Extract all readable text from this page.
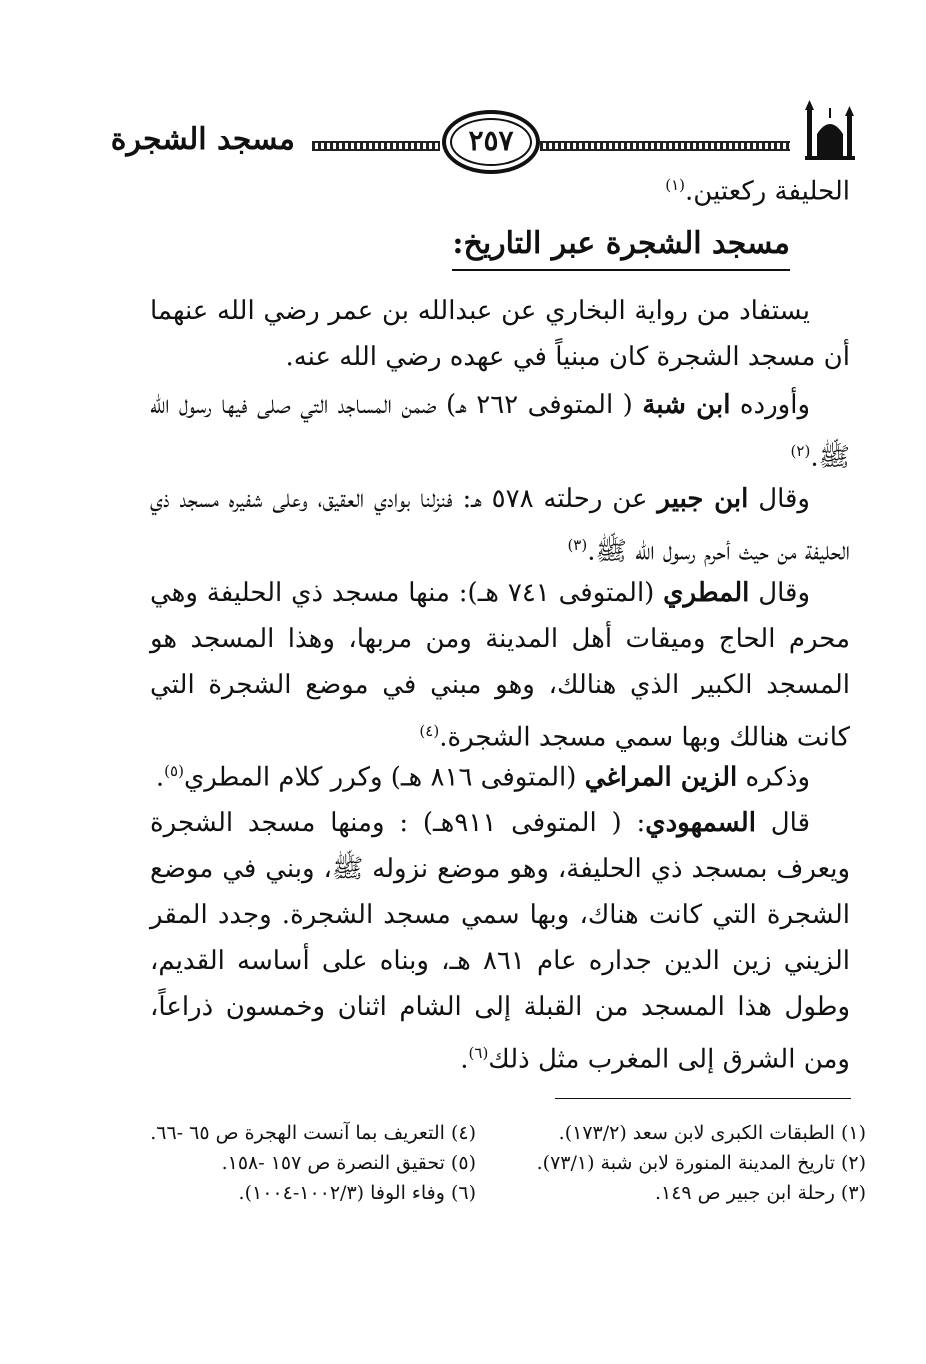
مسجد الشجرة	٢٥٧
الحليفة ركعتين.$^{(١)}$
مسجد الشجرة عبر التاريخ:
يستفاد من رواية البخاري عن عبدالله بن عمر رضي الله عنهما أن مسجد الشجرة كان مبنياً في عهده رضي الله عنه.
وأورده ابن شبة ( المتوفى ٢٦٢ هـ) ضمن المساجد التي صلى فيها رسول الله ﷺ.$^{(٢)}$
وقال ابن جبير عن رحلته ٥٧٨ هـ: فنزلنا بوادي العقيق، وعلى شفيره مسجد ذي الحليفة من حيث أحرم رسول الله ﷺ.$^{(٣)}$
وقال المطري (المتوفى ٧٤١ هـ): منها مسجد ذي الحليفة وهي محرم الحاج وميقات أهل المدينة ومن مربها، وهذا المسجد هو المسجد الكبير الذي هنالك، وهو مبني في موضع الشجرة التي كانت هنالك وبها سمي مسجد الشجرة.$^{(٤)}$
وذكره الزين المراغي (المتوفى ٨١٦ هـ) وكرر كلام المطري$^{(٥)}$.
قال السمهودي: ( المتوفى ٩١١هـ) : ومنها مسجد الشجرة ويعرف بمسجد ذي الحليفة، وهو موضع نزوله ﷺ، وبني في موضع الشجرة التي كانت هناك، وبها سمي مسجد الشجرة. وجدد المقر الزيني زين الدين جداره عام ٨٦١ هـ، وبناه على أساسه القديم، وطول هذا المسجد من القبلة إلى الشام اثنان وخمسون ذراعاً، ومن الشرق إلى المغرب مثل ذلك$^{(٦)}$.
(١) الطبقات الكبرى لابن سعد (١٧٣/٢).
(٢) تاريخ المدينة المنورة لابن شبة (٧٣/١).
(٣) رحلة ابن جبير ص ١٤٩.
(٤) التعريف بما آنست الهجرة ص ٦٥ -٦٦.
(٥) تحقيق النصرة ص ١٥٧ -١٥٨.
(٦) وفاء الوفا (١٠٠٢/٣-١٠٠٤).
